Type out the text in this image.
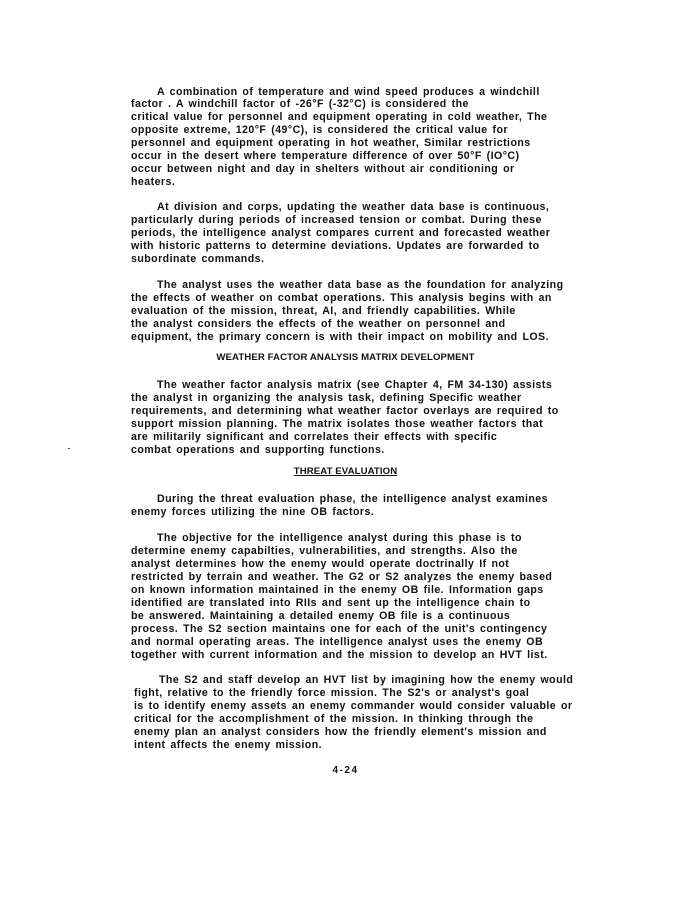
A combination of temperature and wind speed produces a windchill
factor . A windchill factor of -26°F (-32°C) is considered the
critical value for personnel and equipment operating in cold weather, The
opposite extreme, 120°F (49°C), is considered the critical value for
personnel and equipment operating in hot weather, Similar restrictions
occur in the desert where temperature difference of over 50°F (IO°C)
occur between night and day in shelters without air conditioning or
heaters.
At division and corps, updating the weather data base is continuous,
particularly during periods of increased tension or combat. During these
periods, the intelligence analyst compares current and forecasted weather
with historic patterns to determine deviations. Updates are forwarded to
subordinate commands.
The analyst uses the weather data base as the foundation for analyzing
the effects of weather on combat operations. This analysis begins with an
evaluation of the mission, threat, AI, and friendly capabilities. While
the analyst considers the effects of the weather on personnel and
equipment, the primary concern is with their impact on mobility and LOS.
WEATHER FACTOR ANALYSIS MATRIX DEVELOPMENT
The weather factor analysis matrix (see Chapter 4, FM 34-130) assists
the analyst in organizing the analysis task, defining Specific weather
requirements, and determining what weather factor overlays are required to
support mission planning. The matrix isolates those weather factors that
are militarily significant and correlates their effects with specific
combat operations and supporting functions.
THREAT EVALUATION
During the threat evaluation phase, the intelligence analyst examines
enemy forces utilizing the nine OB factors.
The objective for the intelligence analyst during this phase is to
determine enemy capabilties, vulnerabilities, and strengths. Also the
analyst determines how the enemy would operate doctrinally If not
restricted by terrain and weather. The G2 or S2 analyzes the enemy based
on known information maintained in the enemy OB file. Information gaps
identified are translated into RIIs and sent up the intelligence chain to
be answered. Maintaining a detailed enemy OB file is a continuous
process. The S2 section maintains one for each of the unit's contingency
and normal operating areas. The intelligence analyst uses the enemy OB
together with current information and the mission to develop an HVT list.
The S2 and staff develop an HVT list by imagining how the enemy would
fight, relative to the friendly force mission. The S2's or analyst's goal
is to identify enemy assets an enemy commander would consider valuable or
critical for the accomplishment of the mission. In thinking through the
enemy plan an analyst considers how the friendly element's mission and
intent affects the enemy mission.
4-24
